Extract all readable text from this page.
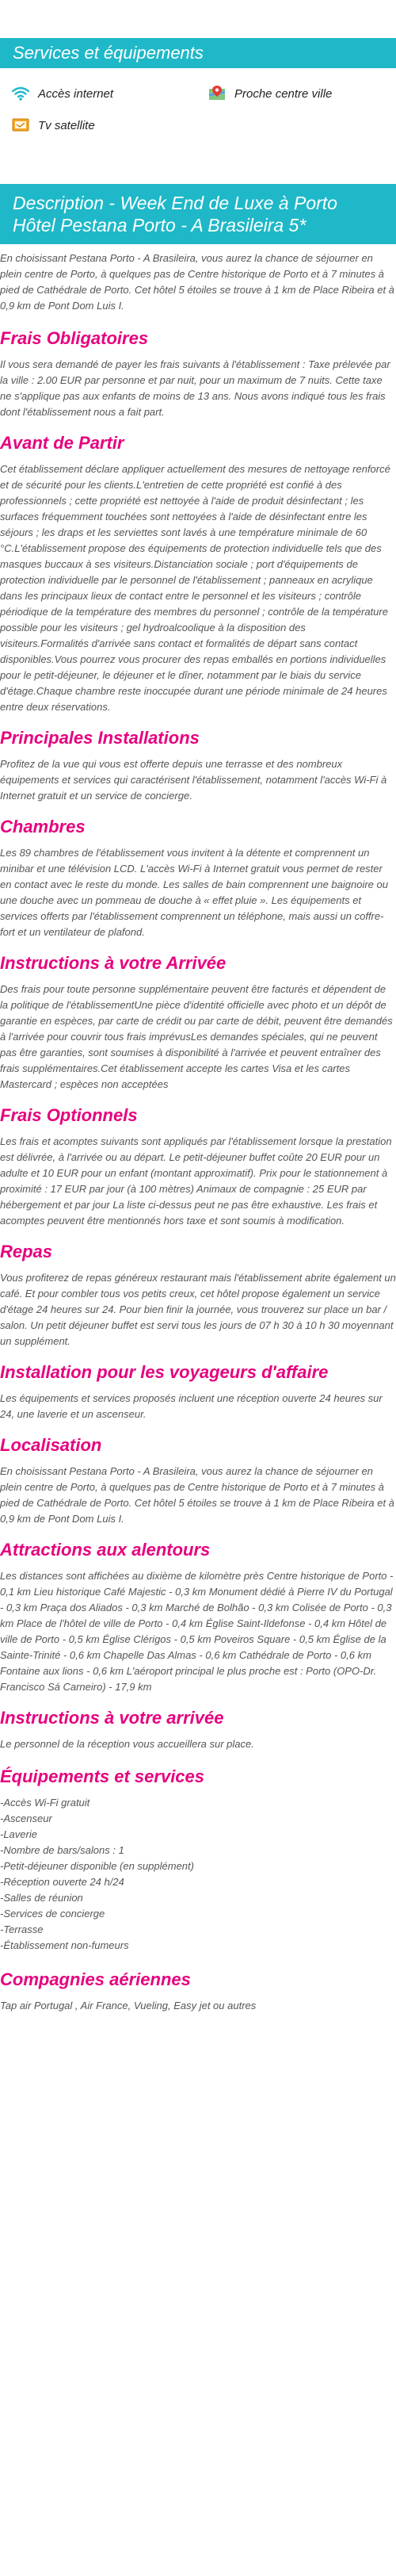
Services et équipements
Accès internet	Proche centre ville
Tv satellite
Description - Week End de Luxe à Porto Hôtel Pestana Porto - A Brasileira 5*

En choisissant Pestana Porto - A Brasileira, vous aurez la chance de séjourner en plein centre de Porto, à quelques pas de Centre historique de Porto et à 7 minutes à pied de Cathédrale de Porto. Cet hôtel 5 étoiles se trouve à 1 km de Place Ribeira et à 0,9 km de Pont Dom Luis I.

Frais Obligatoires

Il vous sera demandé de payer les frais suivants à l'établissement : Taxe prélevée par la ville : 2.00 EUR par personne et par nuit, pour un maximum de 7 nuits. Cette taxe ne s'applique pas aux enfants de moins de 13 ans. Nous avons indiqué tous les frais dont l'établissement nous a fait part.

Avant de Partir

Cet établissement déclare appliquer actuellement des mesures de nettoyage renforcé et de sécurité pour les clients.L'entretien de cette propriété est confié à des professionnels ; cette propriété est nettoyée à l'aide de produit désinfectant ; les surfaces fréquemment touchées sont nettoyées à l'aide de désinfectant entre les séjours ; les draps et les serviettes sont lavés à une température minimale de 60 °C.L'établissement propose des équipements de protection individuelle tels que des masques buccaux à ses visiteurs.Distanciation sociale ; port d'équipements de protection individuelle par le personnel de l'établissement ; panneaux en acrylique dans les principaux lieux de contact entre le personnel et les visiteurs ; contrôle périodique de la température des membres du personnel ; contrôle de la température possible pour les visiteurs ; gel hydroalcoolique à la disposition des visiteurs.Formalités d'arrivée sans contact et formalités de départ sans contact disponibles.Vous pourrez vous procurer des repas emballés en portions individuelles pour le petit-déjeuner, le déjeuner et le dîner, notamment par le biais du service d'étage.Chaque chambre reste inoccupée durant une période minimale de 24 heures entre deux réservations.

Principales Installations

Profitez de la vue qui vous est offerte depuis une terrasse et des nombreux équipements et services qui caractérisent l'établissement, notamment l'accès Wi-Fi à Internet gratuit et un service de concierge.

Chambres

Les 89 chambres de l'établissement vous invitent à la détente et comprennent un minibar et une télévision LCD. L'accès Wi-Fi à Internet gratuit vous permet de rester en contact avec le reste du monde. Les salles de bain comprennent une baignoire ou une douche avec un pommeau de douche à « effet pluie ». Les équipements et services offerts par l'établissement comprennent un téléphone, mais aussi un coffre-fort et un ventilateur de plafond.

Instructions à votre Arrivée

Des frais pour toute personne supplémentaire peuvent être facturés et dépendent de la politique de l'établissementUne pièce d'identité officielle avec photo et un dépôt de garantie en espèces, par carte de crédit ou par carte de débit, peuvent être demandés à l'arrivée pour couvrir tous frais imprévusLes demandes spéciales, qui ne peuvent pas être garanties, sont soumises à disponibilité à l'arrivée et peuvent entraîner des frais supplémentaires.Cet établissement accepte les cartes Visa et les cartes Mastercard ; espèces non acceptées

Frais Optionnels

Les frais et acomptes suivants sont appliqués par l'établissement lorsque la prestation est délivrée, à l'arrivée ou au départ. Le petit-déjeuner buffet coûte 20 EUR pour un adulte et 10 EUR pour un enfant (montant approximatif). Prix pour le stationnement à proximité : 17 EUR par jour (à 100 mètres) Animaux de compagnie : 25 EUR par hébergement et par jour La liste ci-dessus peut ne pas être exhaustive. Les frais et acomptes peuvent être mentionnés hors taxe et sont soumis à modification.

Repas

Vous profiterez de repas généreux restaurant mais l'établissement abrite également un café. Et pour combler tous vos petits creux, cet hôtel propose également un service d'étage 24 heures sur 24. Pour bien finir la journée, vous trouverez sur place un bar / salon. Un petit déjeuner buffet est servi tous les jours de 07 h 30 à 10 h 30 moyennant un supplément.

Installation pour les voyageurs d'affaire

Les équipements et services proposés incluent une réception ouverte 24 heures sur 24, une laverie et un ascenseur.

Localisation

En choisissant Pestana Porto - A Brasileira, vous aurez la chance de séjourner en plein centre de Porto, à quelques pas de Centre historique de Porto et à 7 minutes à pied de Cathédrale de Porto. Cet hôtel 5 étoiles se trouve à 1 km de Place Ribeira et à 0,9 km de Pont Dom Luis I.

Attractions aux alentours

Les distances sont affichées au dixième de kilomètre près Centre historique de Porto - 0,1 km Lieu historique Café Majestic - 0,3 km Monument dédié à Pierre IV du Portugal - 0,3 km Praça dos Aliados - 0,3 km Marché de Bolhão - 0,3 km Colisée de Porto - 0,3 km Place de l'hôtel de ville de Porto - 0,4 km Église Saint-Ildefonse - 0,4 km Hôtel de ville de Porto - 0,5 km Église Clérigos - 0,5 km Poveiros Square - 0,5 km Église de la Sainte-Trinité - 0,6 km Chapelle Das Almas - 0,6 km Cathédrale de Porto - 0,6 km Fontaine aux lions - 0,6 km L'aéroport principal le plus proche est : Porto (OPO-Dr. Francisco Sá Carneiro) - 17,9 km

Instructions à votre arrivée

Le personnel de la réception vous accueillera sur place.

Équipements et services
-Accès Wi-Fi gratuit
-Ascenseur
-Laverie
-Nombre de bars/salons : 1
-Petit-déjeuner disponible (en supplément)
-Réception ouverte 24 h/24
-Salles de réunion
-Services de concierge
-Terrasse
-Établissement non-fumeurs
Compagnies aériennes

Tap air Portugal , Air France, Vueling, Easy jet ou autres
